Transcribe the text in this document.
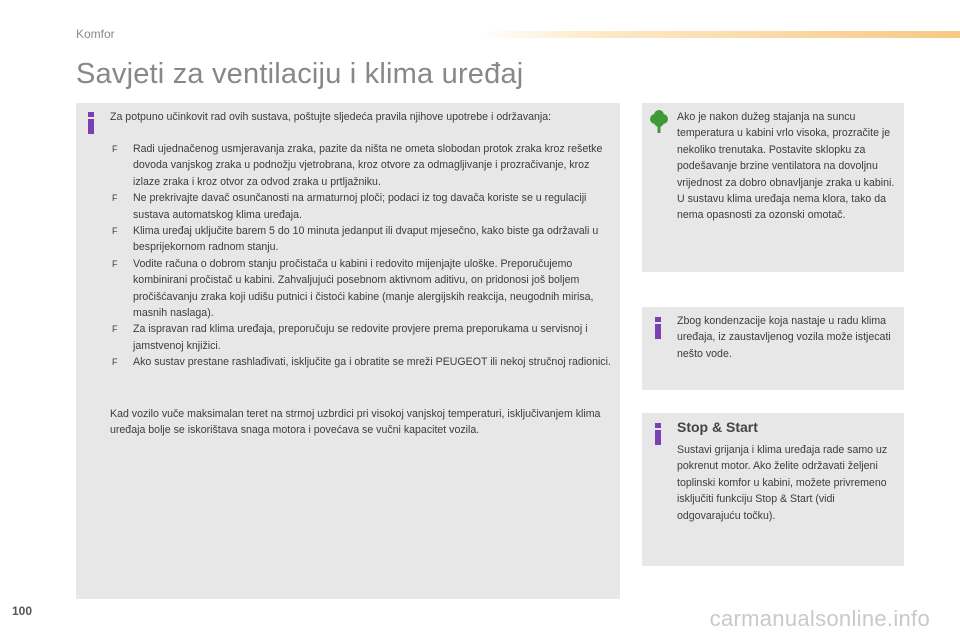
Komfor
Savjeti za ventilaciju i klima uređaj

Za potpuno učinkovit rad ovih sustava, poštujte sljedeća pravila njihove upotrebe i održavanja:

F Radi ujednačenog usmjeravanja zraka, pazite da ništa ne ometa slobodan protok zraka kroz rešetke dovoda vanjskog zraka u podnožju vjetrobrana, kroz otvore za odmagljivanje i prozračivanje, kroz izlaze zraka i kroz otvor za odvod zraka u prtljažniku.
F Ne prekrivajte davač osunčanosti na armaturnoj ploči; podaci iz tog davača koriste se u regulaciji sustava automatskog klima uređaja.
F Klima uređaj uključite barem 5 do 10 minuta jedanput ili dvaput mjesečno, kako biste ga održavali u besprijekornom radnom stanju.
F Vodite računa o dobrom stanju pročistača u kabini i redovito mijenjajte uloške. Preporučujemo kombinirani pročistač u kabini. Zahvaljujući posebnom aktivnom aditivu, on pridonosi još boljem pročišćavanju zraka koji udišu putnici i čistoći kabine (manje alergijskih reakcija, neugodnih mirisa, masnih naslaga).
F Za ispravan rad klima uređaja, preporučuju se redovite provjere prema preporukama u servisnoj i jamstvenoj knjižici.
F Ako sustav prestane rashlađivati, isključite ga i obratite se mreži PEUGEOT ili nekoj stručnoj radionici.

Kad vozilo vuče maksimalan teret na strmoj uzbrdici pri visokoj vanjskoj temperaturi, isključivanjem klima uređaja bolje se iskorištava snaga motora i povećava se vučni kapacitet vozila.

Ako je nakon dužeg stajanja na suncu temperatura u kabini vrlo visoka, prozračite je nekoliko trenutaka. Postavite sklopku za podešavanje brzine ventilatora na dovoljnu vrijednost za dobro obnavljanje zraka u kabini. U sustavu klima uređaja nema klora, tako da nema opasnosti za ozonski omotač.

Zbog kondenzacije koja nastaje u radu klima uređaja, iz zaustavljenog vozila može istjecati nešto vode.

Stop & Start

Sustavi grijanja i klima uređaja rade samo uz pokrenut motor. Ako želite održavati željeni toplinski komfor u kabini, možete privremeno isključiti funkciju Stop & Start (vidi odgovarajuću točku).

100	carmanualsonline.info
